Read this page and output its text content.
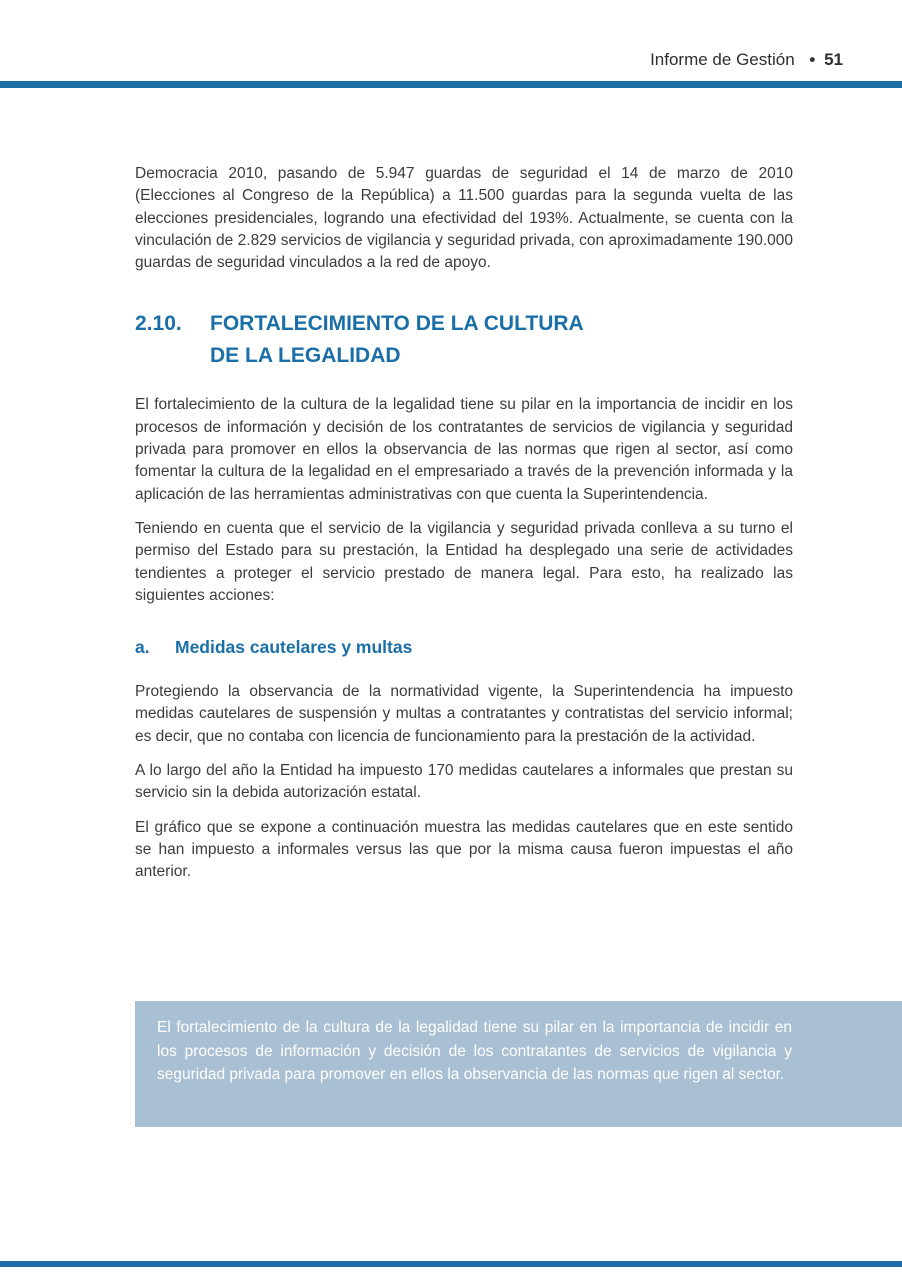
Informe de Gestión • 51

Democracia 2010, pasando de 5.947 guardas de seguridad el 14 de marzo de 2010 (Elecciones al Congreso de la República) a 11.500 guardas para la segunda vuelta de las elecciones presidenciales, logrando una efectividad del 193%. Actualmente, se cuenta con la vinculación de 2.829 servicios de vigilancia y seguridad privada, con aproximadamente 190.000 guardas de seguridad vinculados a la red de apoyo.

2.10.	FORTALECIMIENTO DE LA CULTURA
DE LA LEGALIDAD

El fortalecimiento de la cultura de la legalidad tiene su pilar en la importancia de incidir en los procesos de información y decisión de los contratantes de servicios de vigilancia y seguridad privada para promover en ellos la observancia de las normas que rigen al sector, así como fomentar la cultura de la legalidad en el empresariado a través de la prevención informada y la aplicación de las herramientas administrativas con que cuenta la Superintendencia.

Teniendo en cuenta que el servicio de la vigilancia y seguridad privada conlleva a su turno el permiso del Estado para su prestación, la Entidad ha desplegado una serie de actividades tendientes a proteger el servicio prestado de manera legal. Para esto, ha realizado las siguientes acciones:

a.	Medidas cautelares y multas

Protegiendo la observancia de la normatividad vigente, la Superintendencia ha impuesto medidas cautelares de suspensión y multas a contratantes y contratistas del servicio informal; es decir, que no contaba con licencia de funcionamiento para la prestación de la actividad.

A lo largo del año la Entidad ha impuesto 170 medidas cautelares a informales que prestan su servicio sin la debida autorización estatal.

El gráfico que se expone a continuación muestra las medidas cautelares que en este sentido se han impuesto a informales versus las que por la misma causa fueron impuestas el año anterior.

El fortalecimiento de la cultura de la legalidad tiene su pilar en la importancia de incidir en los procesos de información y decisión de los contratantes de servicios de vigilancia y seguridad privada para promover en ellos la observancia de las normas que rigen al sector.
